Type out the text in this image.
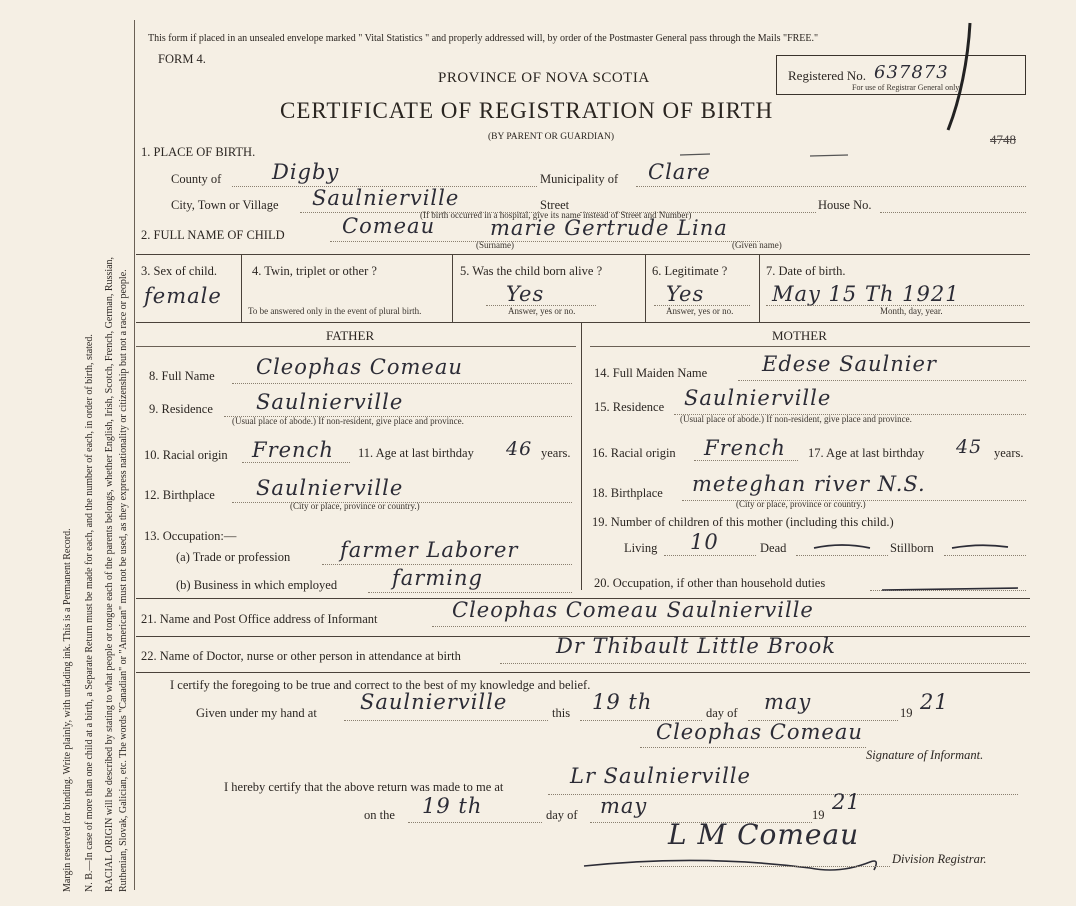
Margin reserved for binding. Write plainly, with unfading ink. This is a Permanent Record. N. B.—In case of more than one child at a birth, a Separate Return must be made for each, and the number of each, in order of birth, stated. RACIAL ORIGIN will be described by stating to what people or tongue each of the parents belongs, whether English, Irish, Scotch, French, German, Russian, Ruthenian, Slovak, Galician, etc. The words "Canadian" or "American" must not be used, as they express nationality or citizenship but not a race or people.
This form if placed in an unsealed envelope marked " Vital Statistics " and properly addressed will, by order of the Postmaster General pass through the Mails "FREE."
FORM 4.
PROVINCE OF NOVA SCOTIA
CERTIFICATE OF REGISTRATION OF BIRTH
(BY PARENT OR GUARDIAN)
Registered No. 637873
For use of Registrar General only
4748
1. PLACE OF BIRTH.
County of Digby	Municipality of Clare
City, Town or Village Saulnierville	Street	House No.
(If birth occurred in a hospital, give its name instead of Street and Number)
2. FULL NAME OF CHILD	Comeau	marie Gertrude Lina
(Surname)	(Given name)
3. Sex of child.
female
4. Twin, triplet or other ?
To be answered only in the event of plural birth.
5. Was the child born alive ?
Yes
Answer, yes or no.
6. Legitimate ?
Yes
Answer, yes or no.
7. Date of birth.
May 15 Th 1921
Month, day, year.
FATHER	MOTHER
8. Full Name Cleophas Comeau
9. Residence Saulnierville
(Usual place of abode.) If non-resident, give place and province.
10. Racial origin French 11. Age at last birthday 46 years.
12. Birthplace Saulnierville
(City or place, province or country.)
13. Occupation:—
(a) Trade or profession farmer Laborer
(b) Business in which employed	farming
14. Full Maiden Name	Edese Saulnier
15. Residence Saulnierville
(Usual place of abode.) If non-resident, give place and province.
16. Racial origin French 17. Age at last birthday 45 years.
18. Birthplace meteghan river N.S.
(City or place, province or country.)
19. Number of children of this mother (including this child.)
Living 10	Dead	Stillborn
20. Occupation, if other than household duties
21. Name and Post Office address of Informant	Cleophas Comeau Saulnierville
22. Name of Doctor, nurse or other person in attendance at birth	Dr Thibault Little Brook
I certify the foregoing to be true and correct to the best of my knowledge and belief.
Given under my hand at Saulnierville	this 19 th	day of may	19 21
Cleophas Comeau
Signature of Informant.
I hereby certify that the above return was made to me at	Lr Saulnierville
on the 19 th	day of may	19
21
L M Comeau
Division Registrar.
